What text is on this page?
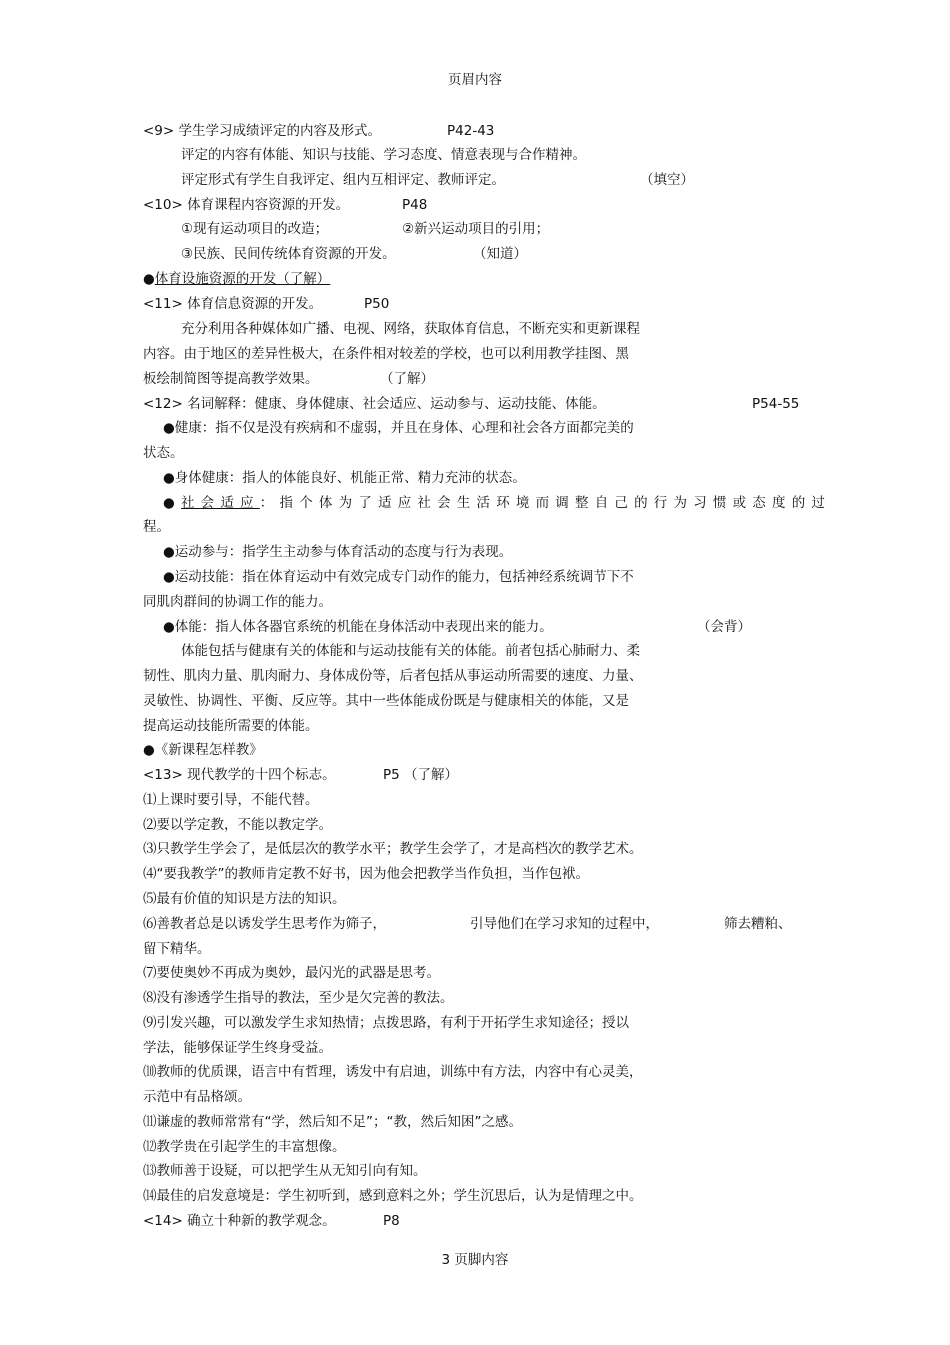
页眉内容
<9> 学生学习成绩评定的内容及形式。	P42-43
评定的内容有体能、知识与技能、学习态度、情意表现与合作精神。
评定形式有学生自我评定、组内互相评定、教师评定。	（填空）
<10> 体育课程内容资源的开发。	P48
①现有运动项目的改造；	②新兴运动项目的引用；
③民族、民间传统体育资源的开发。	（知道）
●体育设施资源的开发（了解）
<11> 体育信息资源的开发。	P50
充分利用各种媒体如广播、电视、网络，获取体育信息，不断充实和更新课程
内容。由于地区的差异性极大，在条件相对较差的学校，也可以利用教学挂图、黑
板绘制简图等提高教学效果。	（了解）
<12> 名词解释：健康、身体健康、社会适应、运动参与、运动技能、体能。	P54-55
●健康：指不仅是没有疾病和不虚弱，并且在身体、心理和社会各方面都完美的
状态。
●身体健康：指人的体能良好、机能正常、精力充沛的状态。
●社会适应：指个体为了适应社会生活环境而调整自己的行为习惯或态度的过
程。
●运动参与：指学生主动参与体育活动的态度与行为表现。
●运动技能：指在体育运动中有效完成专门动作的能力，包括神经系统调节下不
同肌肉群间的协调工作的能力。
●体能：指人体各器官系统的机能在身体活动中表现出来的能力。	（会背）
体能包括与健康有关的体能和与运动技能有关的体能。前者包括心肺耐力、柔
韧性、肌肉力量、肌肉耐力、身体成份等，后者包括从事运动所需要的速度、力量、
灵敏性、协调性、平衡、反应等。其中一些体能成份既是与健康相关的体能，又是
提高运动技能所需要的体能。
●《新课程怎样教》
<13> 现代教学的十四个标志。	P5 （了解）
⑴上课时要引导，不能代替。
⑵要以学定教，不能以教定学。
⑶只教学生学会了，是低层次的教学水平；教学生会学了，才是高档次的教学艺术。
⑷“要我教学”的教师肯定教不好书，因为他会把教学当作负担，当作包袱。
⑸最有价值的知识是方法的知识。
⑹善教者总是以诱发学生思考作为筛子，	引导他们在学习求知的过程中，	筛去糟粕、
留下精华。
⑺要使奥妙不再成为奥妙，最闪光的武器是思考。
⑻没有渗透学生指导的教法，至少是欠完善的教法。
⑼引发兴趣，可以激发学生求知热情；点拨思路，有利于开拓学生求知途径；授以
学法，能够保证学生终身受益。
⑽教师的优质课，语言中有哲理，诱发中有启迪，训练中有方法，内容中有心灵美，
示范中有品格颂。
⑾谦虚的教师常常有“学，然后知不足”；“教，然后知困”之感。
⑿教学贵在引起学生的丰富想像。
⒀教师善于设疑，可以把学生从无知引向有知。
⒁最佳的启发意境是：学生初听到，感到意料之外；学生沉思后，认为是情理之中。
<14> 确立十种新的教学观念。	P8
3 页脚内容
